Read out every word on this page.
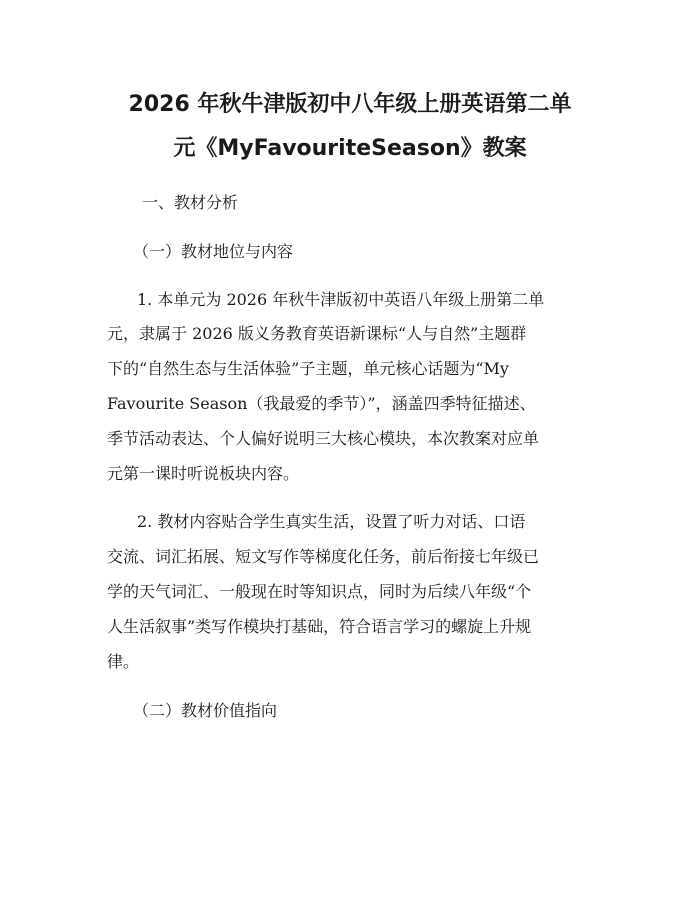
2026 年秋牛津版初中八年级上册英语第二单
元《MyFavouriteSeason》教案
一、教材分析
（一）教材地位与内容
1. 本单元为 2026 年秋牛津版初中英语八年级上册第二单
元，隶属于 2026 版义务教育英语新课标“人与自然”主题群
下的“自然生态与生活体验”子主题，单元核心话题为“My
Favourite Season（我最爱的季节）”，涵盖四季特征描述、
季节活动表达、个人偏好说明三大核心模块，本次教案对应单
元第一课时听说板块内容。
2. 教材内容贴合学生真实生活，设置了听力对话、口语
交流、词汇拓展、短文写作等梯度化任务，前后衔接七年级已
学的天气词汇、一般现在时等知识点，同时为后续八年级“个
人生活叙事”类写作模块打基础，符合语言学习的螺旋上升规
律。
（二）教材价值指向
